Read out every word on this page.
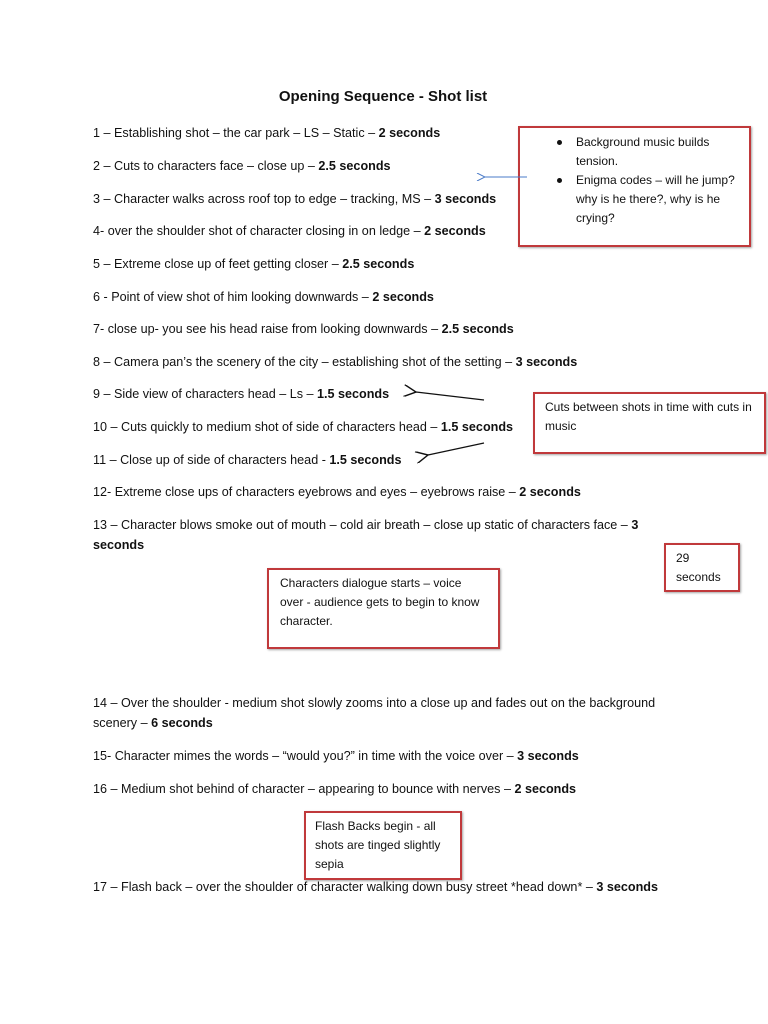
Opening Sequence - Shot list
1 – Establishing shot – the car park – LS – Static – 2 seconds
2 – Cuts to characters face – close up – 2.5 seconds
3 – Character walks across roof top to edge – tracking, MS – 3 seconds
4- over the shoulder shot of character closing in on ledge – 2 seconds
5 – Extreme close up of feet getting closer – 2.5 seconds
6 - Point of view shot of him looking downwards – 2 seconds
7- close up- you see his head raise from looking downwards – 2.5 seconds
8 – Camera pan’s the scenery of the city – establishing shot of the setting – 3 seconds
9 – Side view of characters head – Ls – 1.5 seconds
10 – Cuts quickly to medium shot of side of characters head – 1.5 seconds
11 – Close up of side of characters head - 1.5 seconds
12- Extreme close ups of characters eyebrows and eyes – eyebrows raise – 2 seconds
13 – Character blows smoke out of mouth – cold air breath – close up static of characters face – 3 seconds
14 – Over the shoulder - medium shot slowly zooms into a close up and fades out on the background scenery – 6 seconds
15- Character mimes the words – “would you?” in time with the voice over – 3 seconds
16 – Medium shot behind of character – appearing to bounce with nerves – 2 seconds
17 – Flash back – over the shoulder of character walking down busy street *head down* – 3 seconds
Background music builds tension.
Enigma codes – will he jump? why is he there?, why is he crying?
Cuts between shots in time with cuts in music
29 seconds
Characters dialogue starts – voice over - audience gets to begin to know character.
Flash Backs begin - all shots are tinged slightly sepia
